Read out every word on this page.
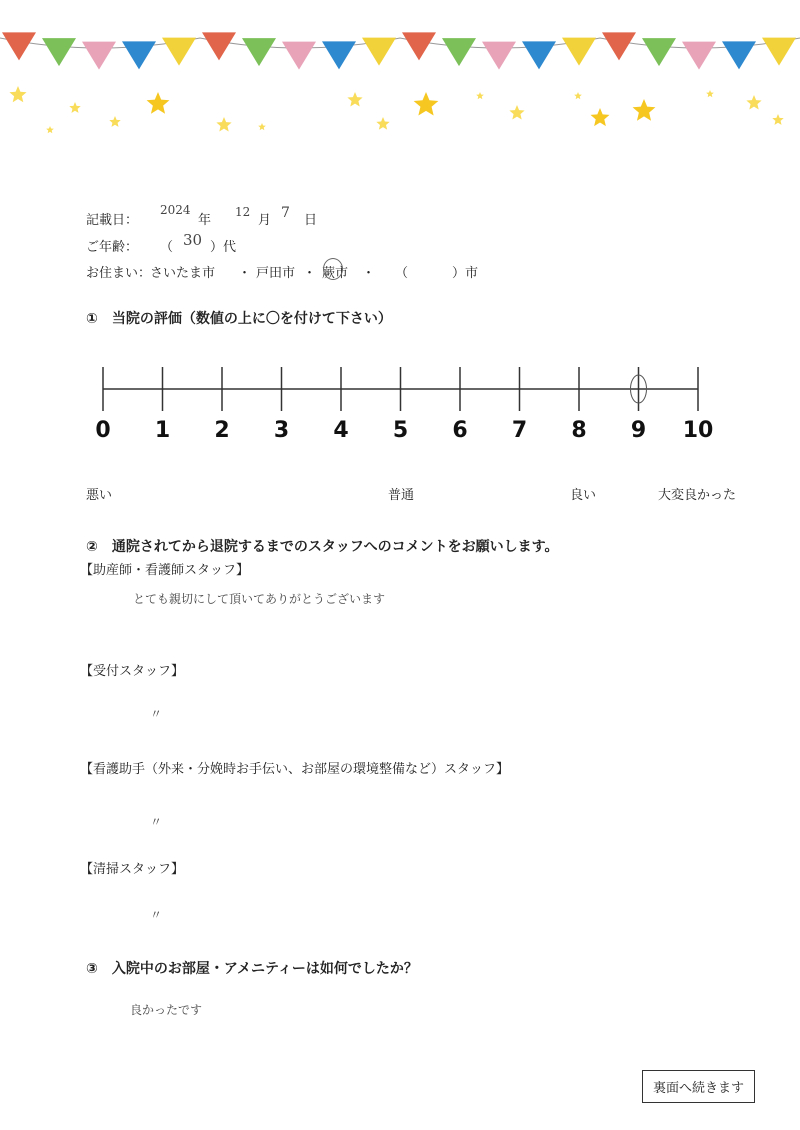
記載日：
2024
年
12
月 7 日
ご年齢： （ 30 ）代
お住まい：
さいたま市 ・ 戸田市 ・ 蕨市 ・ （	）市
①　当院の評価（数値の上に〇を付けて下さい）
0	1	2	3	4	5	6	7	8	9	10
悪い	普通	良い	大変良かった
②　通院されてから退院するまでのスタッフへのコメントをお願いします。
【助産師・看護師スタッフ】
とても親切にして頂いてありがとうございます
【受付スタッフ】
〃
【看護助手（外来・分娩時お手伝い、お部屋の環境整備など）スタッフ】
〃
【清掃スタッフ】
〃
③　入院中のお部屋・アメニティーは如何でしたか？
良かったです
裏面へ続きます
